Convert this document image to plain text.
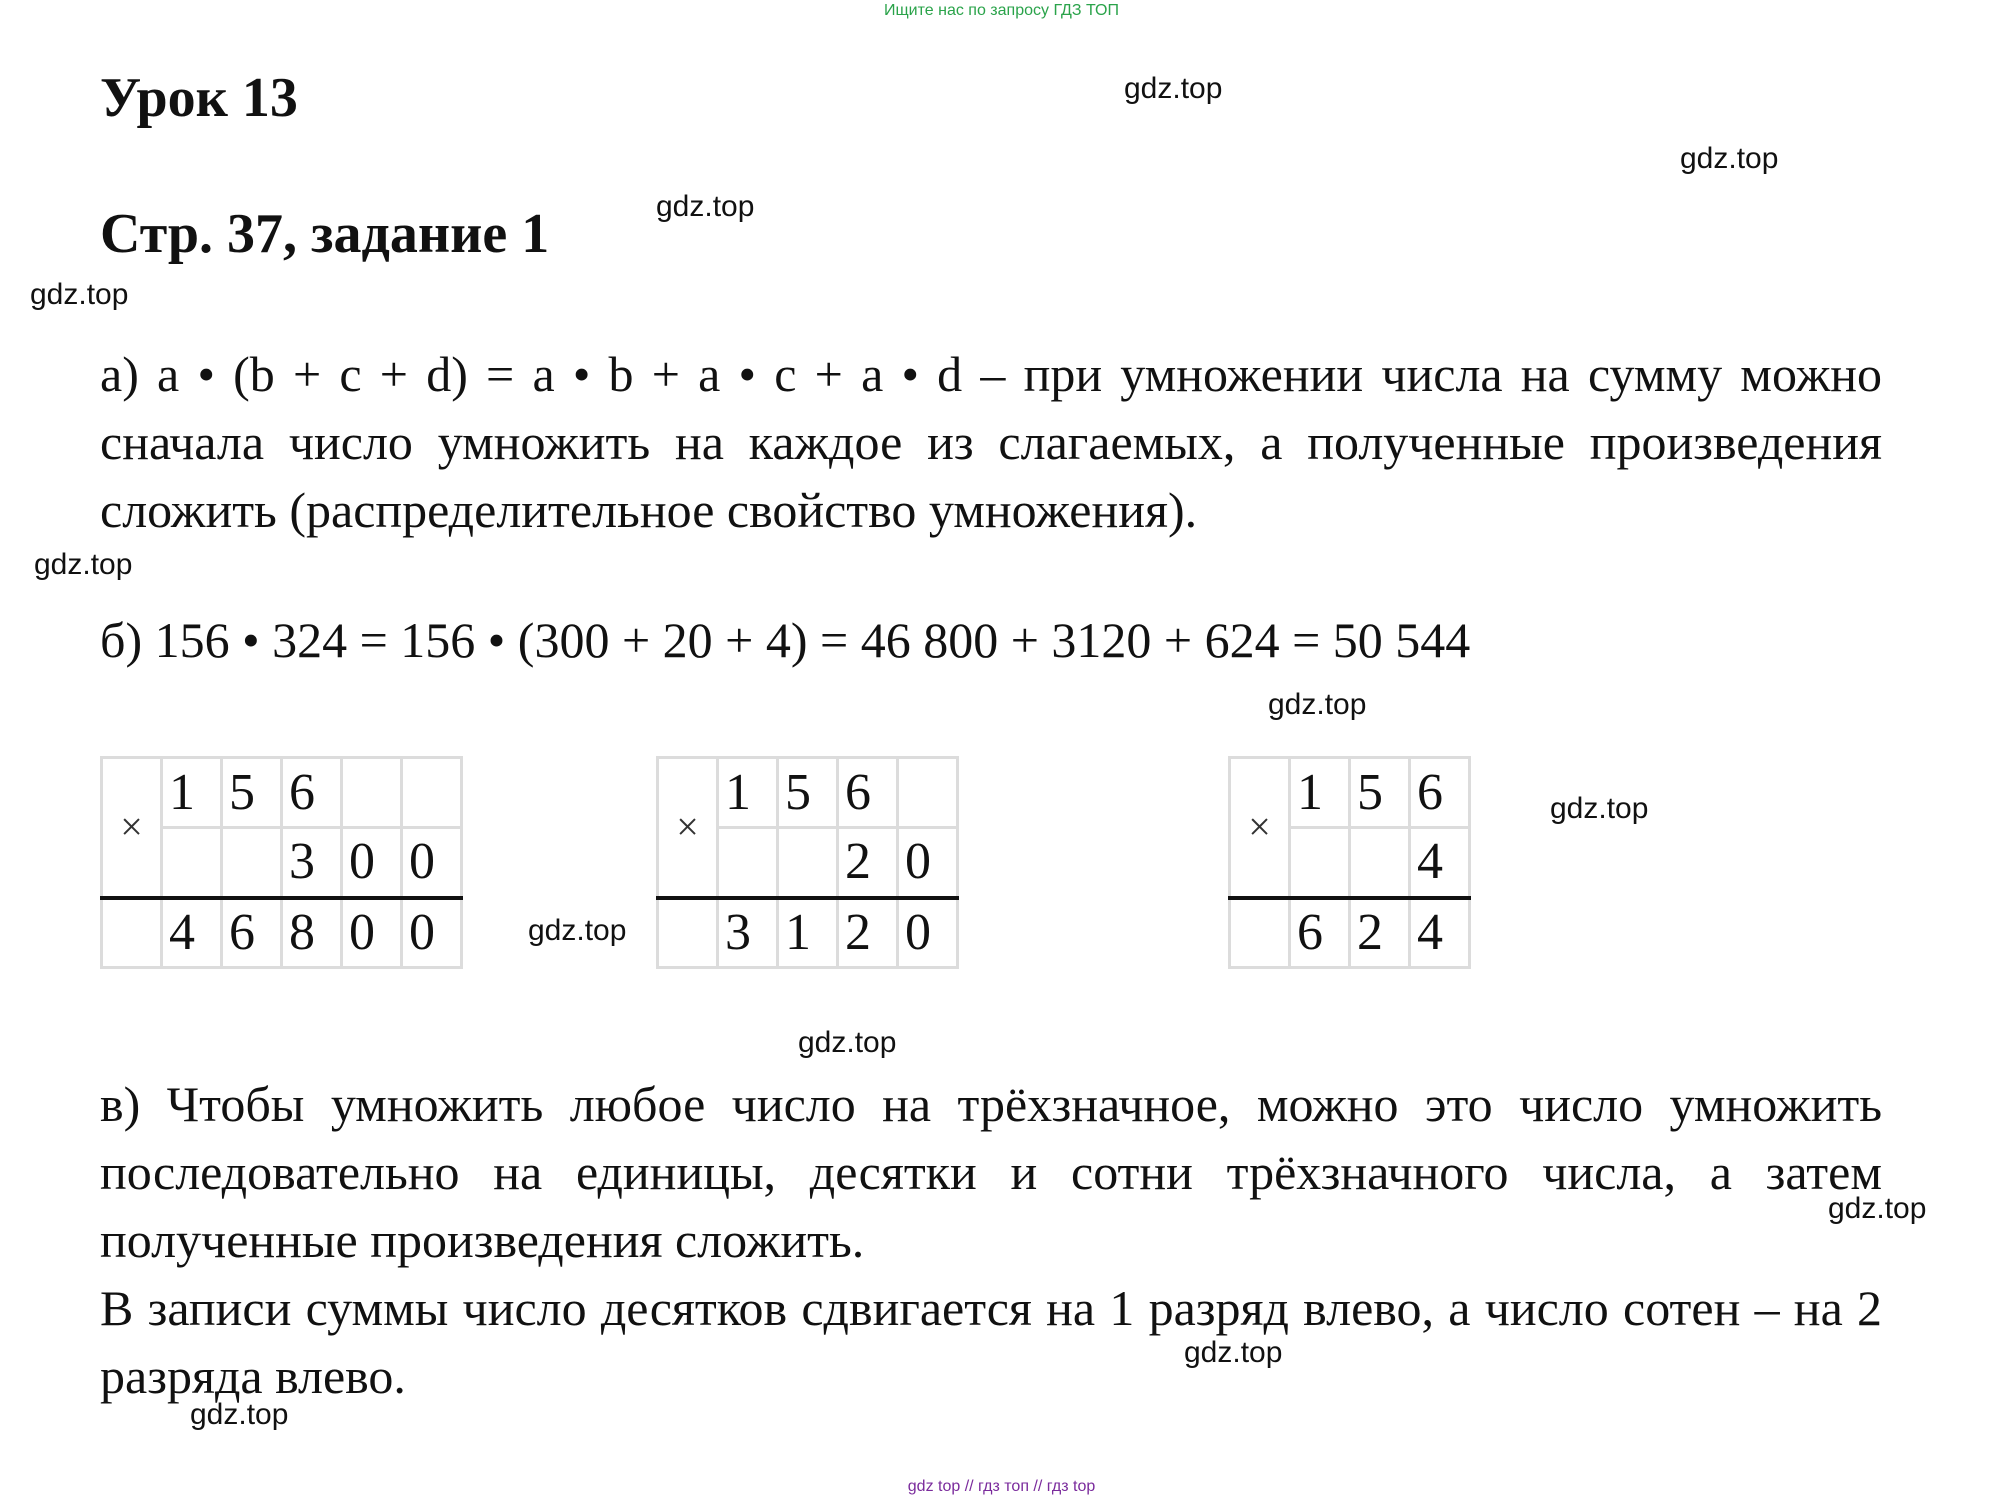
Ищите нас по запросу ГДЗ ТОП
gdz.top
gdz.top
gdz.top
gdz.top
gdz.top
gdz.top
gdz.top
gdz.top
gdz.top
gdz.top
gdz.top
gdz.top
Урок 13
Стр. 37, задание 1
а) a • (b + c + d) = a • b + a • c + a • d – при умножении числа на сумму можно сначала число умножить на каждое из слагаемых, а полученные произведения сложить (распределительное свойство умножения).
б) 156 • 324 = 156 • (300 + 20 + 4) = 46 800 + 3120 + 624 = 50 544
×	1	5	6		
			3	0	0
	4	6	8	0	0
×	1	5	6	
			2	0
	3	1	2	0
×	1	5	6
			4
	6	2	4
в) Чтобы умножить любое число на трёхзначное, можно это число умножить последовательно на единицы, десятки и сотни трёхзначного числа, а затем полученные произведения сложить.
В записи суммы число десятков сдвигается на 1 разряд влево, а число сотен – на 2 разряда влево.
gdz top // гдз топ // гдз top
